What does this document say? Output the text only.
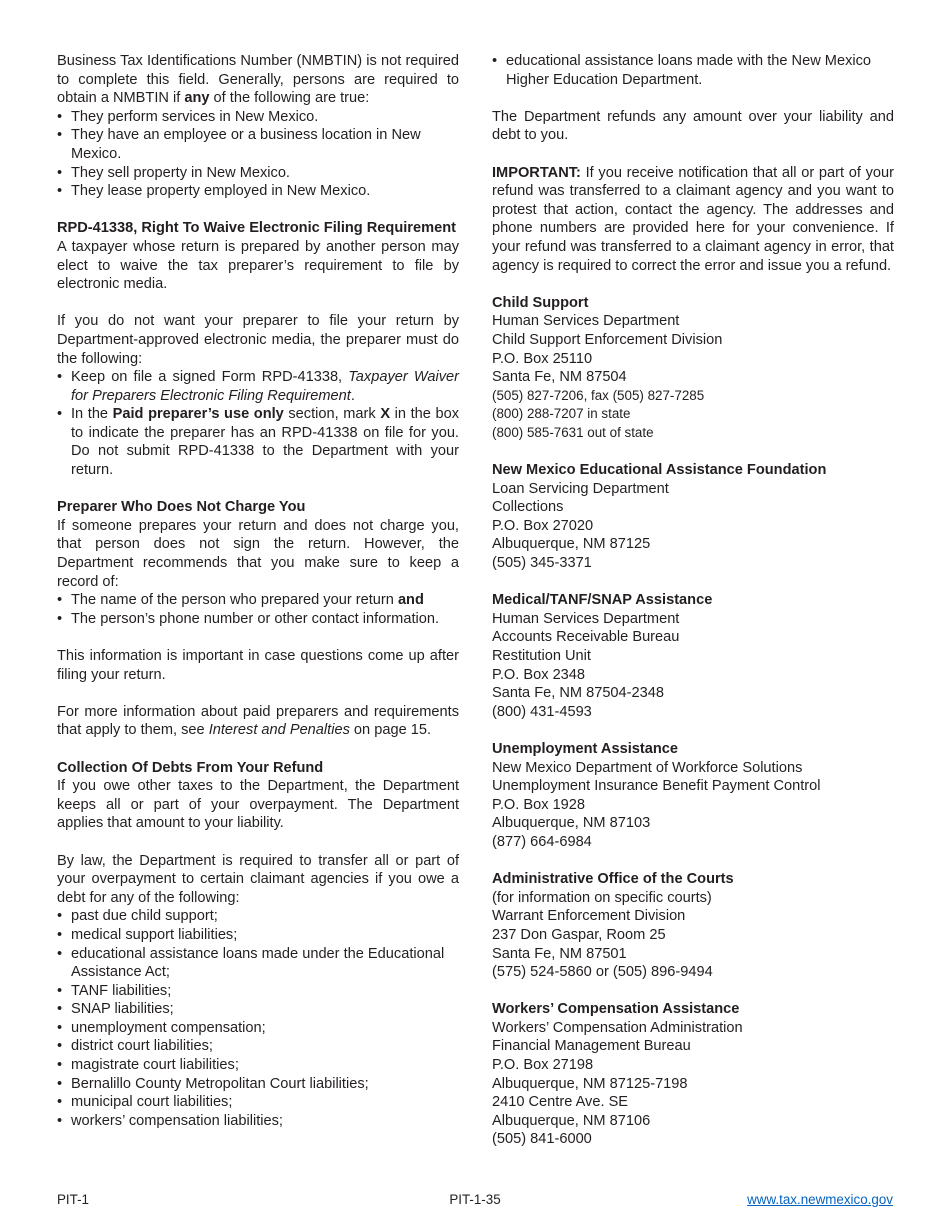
Business Tax Identifications Number (NMBTIN) is not required to complete this field. Generally, persons are required to obtain a NMBTIN if any of the following are true:

• They perform services in New Mexico.
• They have an employee or a business location in New Mexico.
• They sell property in New Mexico.
• They lease property employed in New Mexico.

RPD-41338, Right To Waive Electronic Filing Requirement

A taxpayer whose return is prepared by another person may elect to waive the tax preparer’s requirement to file by electronic media.

If you do not want your preparer to file your return by Department-approved electronic media, the preparer must do the following:

• Keep on file a signed Form RPD-41338, Taxpayer Waiver for Preparers Electronic Filing Requirement.
• In the Paid preparer’s use only section, mark X in the box to indicate the preparer has an RPD-41338 on file for you. Do not submit RPD-41338 to the Department with your return.

Preparer Who Does Not Charge You

If someone prepares your return and does not charge you, that person does not sign the return. However, the Department recommends that you make sure to keep a record of:

• The name of the person who prepared your return and
• The person’s phone number or other contact information.

This information is important in case questions come up after filing your return.

For more information about paid preparers and requirements that apply to them, see Interest and Penalties on page 15.

Collection Of Debts From Your Refund

If you owe other taxes to the Department, the Department keeps all or part of your overpayment. The Department applies that amount to your liability.

By law, the Department is required to transfer all or part of your overpayment to certain claimant agencies if you owe a debt for any of the following:

• past due child support;
• medical support liabilities;
• educational assistance loans made under the Educational Assistance Act;
• TANF liabilities;
• SNAP liabilities;
• unemployment compensation;
• district court liabilities;
• magistrate court liabilities;
• Bernalillo County Metropolitan Court liabilities;
• municipal court liabilities;
• workers’ compensation liabilities;
• educational assistance loans made with the New Mexico Higher Education Department.

The Department refunds any amount over your liability and debt to you.

IMPORTANT: If you receive notification that all or part of your refund was transferred to a claimant agency and you want to protest that action, contact the agency. The addresses and phone numbers are provided here for your convenience. If your refund was transferred to a claimant agency in error, that agency is required to correct the error and issue you a refund.

Child Support

Human Services Department

Child Support Enforcement Division

P.O. Box 25110

Santa Fe, NM 87504

(505) 827-7206, fax (505) 827-7285

(800) 288-7207 in state

(800) 585-7631 out of state

New Mexico Educational Assistance Foundation

Loan Servicing Department

Collections

P.O. Box 27020

Albuquerque, NM 87125

(505) 345-3371

Medical/TANF/SNAP Assistance

Human Services Department

Accounts Receivable Bureau

Restitution Unit

P.O. Box 2348

Santa Fe, NM 87504-2348

(800) 431-4593

Unemployment Assistance

New Mexico Department of Workforce Solutions

Unemployment Insurance Benefit Payment Control

P.O. Box 1928

Albuquerque, NM 87103

(877) 664-6984

Administrative Office of the Courts

(for information on specific courts)

Warrant Enforcement Division

237 Don Gaspar, Room 25

Santa Fe, NM 87501

(575) 524-5860 or (505) 896-9494

Workers’ Compensation Assistance

Workers’ Compensation Administration

Financial Management Bureau

P.O. Box 27198

Albuquerque, NM 87125-7198

2410 Centre Ave. SE

Albuquerque, NM 87106

(505) 841-6000

PIT-1	PIT-1-35	www.tax.newmexico.gov
